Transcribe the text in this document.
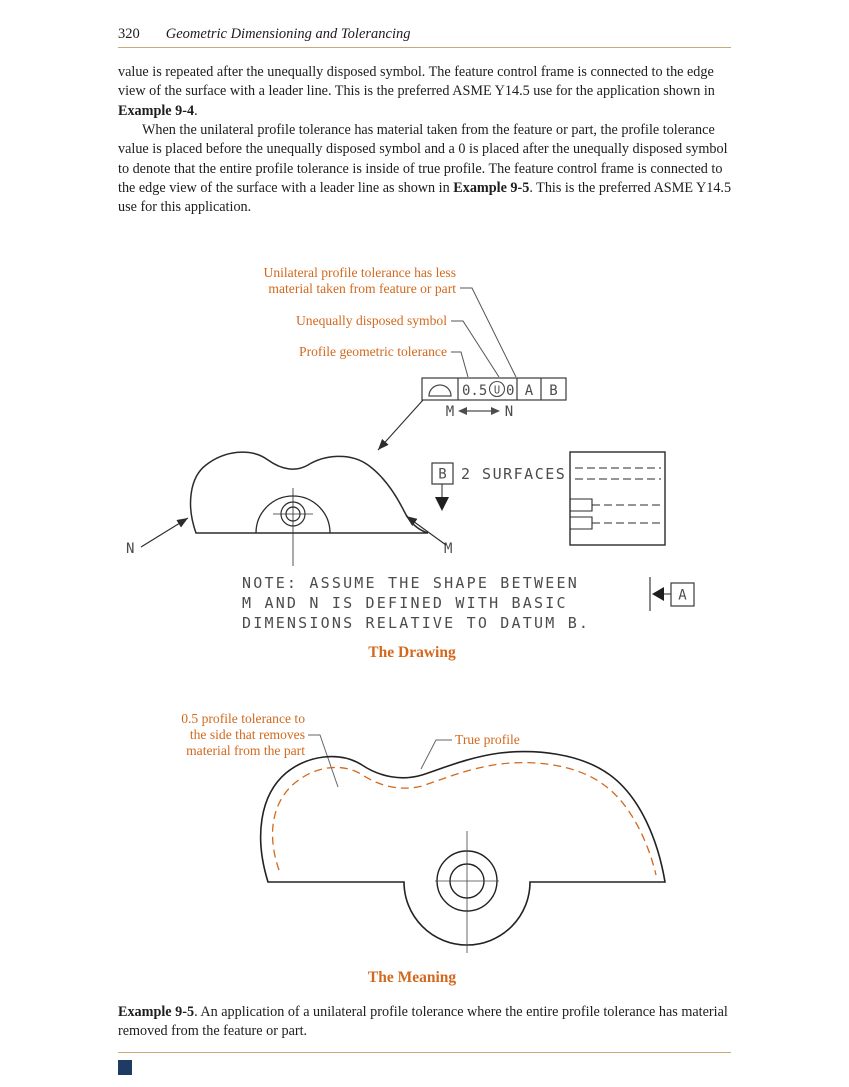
320 Geometric Dimensioning and Tolerancing
value is repeated after the unequally disposed symbol. The feature control frame is connected to the edge view of the surface with a leader line. This is the preferred ASME Y14.5 use for the application shown in Example 9-4.
When the unilateral profile tolerance has material taken from the feature or part, the profile tolerance value is placed before the unequally disposed symbol and a 0 is placed after the unequally disposed symbol to denote that the entire profile tolerance is inside of true profile. The feature control frame is connected to the edge view of the surface with a leader line as shown in Example 9-5. This is the preferred ASME Y14.5 use for this application.
Unilateral profile tolerance has less
material taken from feature or part
Unequally disposed symbol
Profile geometric tolerance
0.5 U 0 A B
M	N
N	M
B 2 SURFACES
A
NOTE: ASSUME THE SHAPE BETWEEN
M AND N IS DEFINED WITH BASIC
DIMENSIONS RELATIVE TO DATUM B.
The Drawing
0.5 profile tolerance to
the side that removes
material from the part
True profile
The Meaning
Example 9-5. An application of a unilateral profile tolerance where the entire profile tolerance has material removed from the feature or part.
